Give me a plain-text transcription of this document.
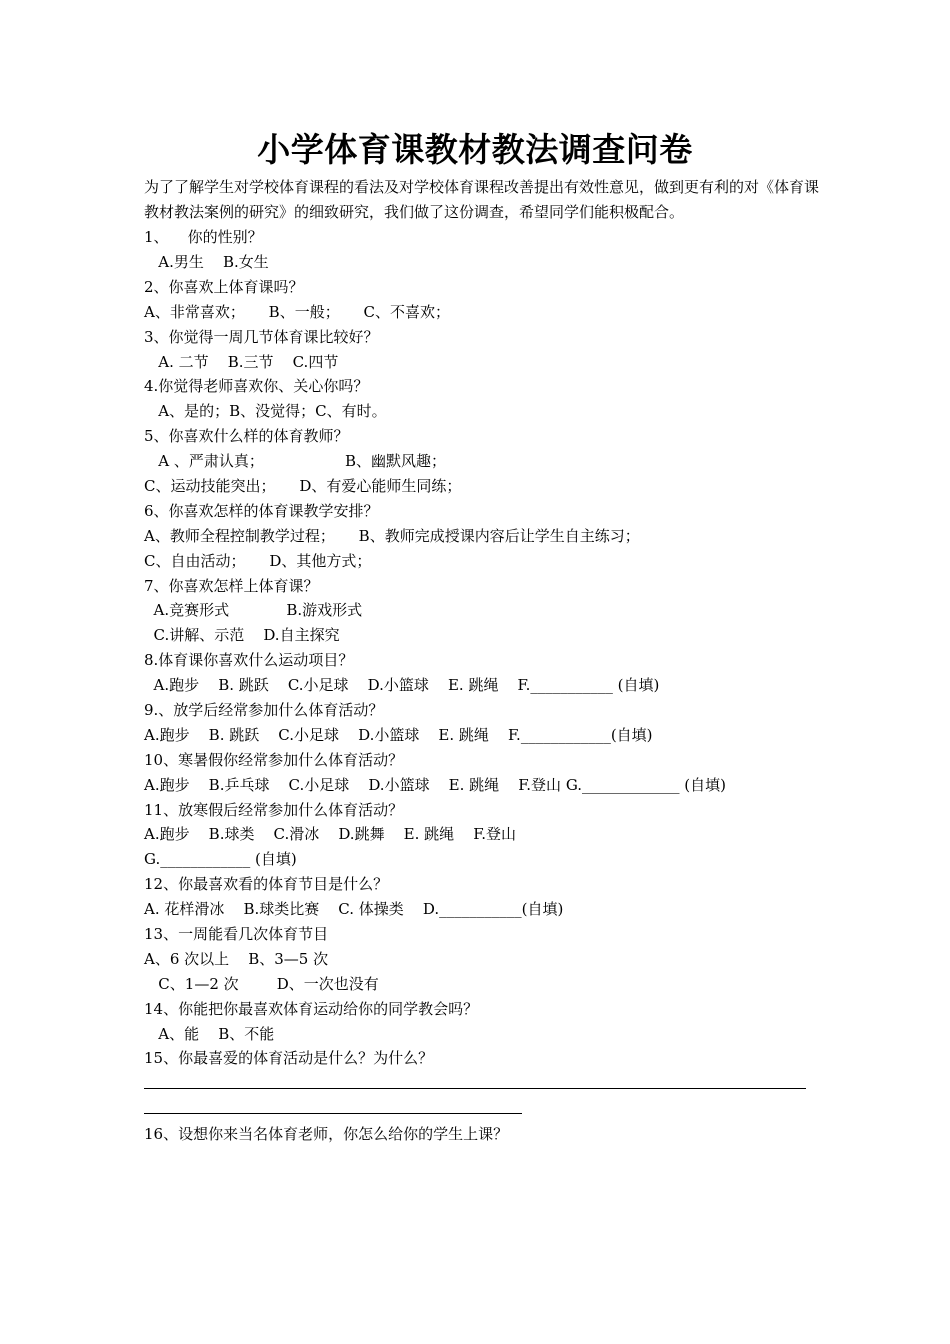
小学体育课教材教法调查问卷
为了了解学生对学校体育课程的看法及对学校体育课程改善提出有效性意见，做到更有利的对《体育课教材教法案例的研究》的细致研究，我们做了这份调查，希望同学们能积极配合。
1、    你的性别？
A.男生    B.女生
2、你喜欢上体育课吗？
A、非常喜欢；     B、一般；     C、不喜欢；
3、你觉得一周几节体育课比较好？
A. 二节    B.三节    C.四节
4.你觉得老师喜欢你、关心你吗？
A、是的；B、没觉得；C、有时。
5、你喜欢什么样的体育教师？
A 、严肃认真；                 B、幽默风趣；
C、运动技能突出；     D、有爱心能师生同练；
6、你喜欢怎样的体育课教学安排？
A、教师全程控制教学过程；     B、教师完成授课内容后让学生自主练习；
C、自由活动；     D、其他方式；
7、你喜欢怎样上体育课？
A.竞赛形式            B.游戏形式
C.讲解、示范    D.自主探究
8.体育课你喜欢什么运动项目？
A.跑步    B. 跳跃    C.小足球    D.小篮球    E. 跳绳    F.___________ (自填)
9.、放学后经常参加什么体育活动？
A.跑步    B. 跳跃    C.小足球    D.小篮球    E. 跳绳    F.____________(自填)
10、寒暑假你经常参加什么体育活动？
A.跑步    B.乒乓球    C.小足球    D.小篮球    E. 跳绳    F.登山 G._____________ (自填)
11、放寒假后经常参加什么体育活动？
A.跑步    B.球类    C.滑冰    D.跳舞    E. 跳绳    F.登山
G.____________ (自填)
12、你最喜欢看的体育节目是什么？
A. 花样滑冰    B.球类比赛    C. 体操类    D.___________(自填)
13、一周能看几次体育节目
A、6 次以上    B、3—5 次
C、1—2 次        D、一次也没有
14、你能把你最喜欢体育运动给你的同学教会吗？
A、能    B、不能
15、你最喜爱的体育活动是什么？为什么？
16、设想你来当名体育老师，你怎么给你的学生上课？
